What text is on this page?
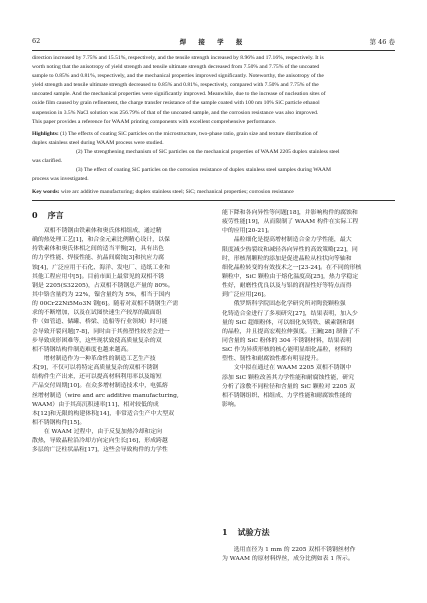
62	焊 接 学 报	第 46 卷
direction increased by 7.75% and 15.51%, respectively, and the tensile strength increased by 8.96% and 17.16%, respectively. It is
worth noting that the anisotropy of yield strength and tensile ultimate strength decreased from 7.50% and 7.75% of the uncoated
sample to 0.85% and 0.81%, respectively, and the mechanical properties improved significantly. Noteworthy, the anisotropy of the
yield strength and tensile ultimate strength decreased to 0.85% and 0.81%, respectively, compared with 7.50% and 7.75% of the
uncoated sample. And the mechanical properties were significantly improved. Meanwhile, due to the increase of nucleation sites of
oxide film caused by grain refinement, the charge transfer resistance of the sample coated with 100 nm 10% SiC particle ethanol
suspension in 3.5% NaCl solution was 256.79% of that of the uncoated sample, and the corrosion resistance was also improved.
This paper provides a reference for WAAM printing components with excellent comprehensive performance.
Highlights: (1) The effects of coating SiC particles on the microstructure, two-phase ratio, grain size and texture distribution of
duplex stainless steel during WAAM process were studied.
(2) The strengthening mechanism of SiC particles on the mechanical properties of WAAM 2205 duplex stainless steel
was clarified.
(3) The effect of coating SiC particles on the corrosion resistance of duplex stainless steel samples during WAAM
process was investigated.
Key words: wire arc additive manufacturing; duplex stainless steel; SiC; mechanical properties; corrosion resistance
0 序言
　　双相不锈钢由铁素体和奥氏体相组成，通过精
确的热处理工艺[1]，和合金元素比例精心设计，以保
持铁素体和奥氏体相之间的适当平衡[2]，具有出色
的力学性能、焊接性能、抗晶间腐蚀[3]和抗应力腐
蚀[4]，广泛应用于石化、海洋、发电厂、造纸工业和
其他工程应用中[5]。目前市面上最常见的双相不锈
钢是 2205(S32205)，占双相不锈钢总产量的 80%。
其中铬含量约为 22%，镍含量约为 5%，相当于国内
的 00Cr22Ni5Mo3N 钢[6]。随着对双相不锈钢生产需
求的不断增加，以及在试图快速生产较厚的截面组
件（如管道、储罐、桥梁、造船等行业领域）时可能
会导致开裂问题[7-8]，同时由于其热塑性较差会进一
步导致成形困难等，这些现状致使高质量复杂的双
相不锈钢结构件制造难度也越来越高。
　　增材制造作为一种革命性的制造工艺生产技
术[9]，不仅可以将特定高质量复杂的双相不锈钢
结构件生产出来，还可以提高材料利用率以及缩短
产品交付周期[10]。在众多增材制造技术中，电弧熔
丝增材制造（wire and arc additive manufacturing,
WAAM）由于其高沉积速率[11]、相对较低的成
本[12]和无限的构建体积[14]，非常适合生产中大型双
相不锈钢构件[15]。
　　在 WAAM 过程中，由于反复加热冷却和定向
散热，导致晶粒沿冷却方向定向生长[16]，形成跨越
多层的广泛柱状晶粒[17]，这些会导致构件的力学性
能下降和各向异性等问题[18]，并影响构件的腐蚀和
疲劳性能[19]，从而限制了 WAAM 构件在实际工程
中的应用[20-21]。
　　晶粒细化是提高增材制造合金力学性能，最大
限度减少热裂纹和减轻各向异性的高效策略[22]，同
时，形核剂颗粒的添加是促进晶粒从柱状向等轴和
细化晶粒转变的有效技术之一[23-24]。在不同的形核
颗粒中，SiC 颗粒由于熔化温度高[25]，热力学稳定
性好，耐磨性优良以及与铝的润湿性好等特点而得
到广泛应用[26]。
　　俄罗斯科学院固态化学研究所对陶瓷颗粒强
化铸造合金进行了多项研究[27]，结果表明，加入少
量的 SiC 超细粉体，可以细化灰铸铁、碳素钢和钢
的晶粒，并且提高宏观拉伸强度。王澜[28] 制备了不
同含量的 SiC 粉体的 304 不锈钢材料，结果表明
SiC 作为异质形核的核心能明显细化晶粒，材料的
塑性、韧性和耐腐蚀性都有明显提升。
　　文中拟在通过在 WAAM 2205 双相不锈钢中
添加 SiC 颗粒改善其力学性能和耐腐蚀性能，研究
分析了涂敷不同粒径和含量的 SiC 颗粒对 2205 双
相不锈钢组织、相组成、力学性能和耐腐蚀性能的
影响。
1 试验方法
　　选用直径为 1 mm 的 2205 双相不锈钢丝材作
为 WAAM 的原材料焊丝，成分比例如表 1 所示。
